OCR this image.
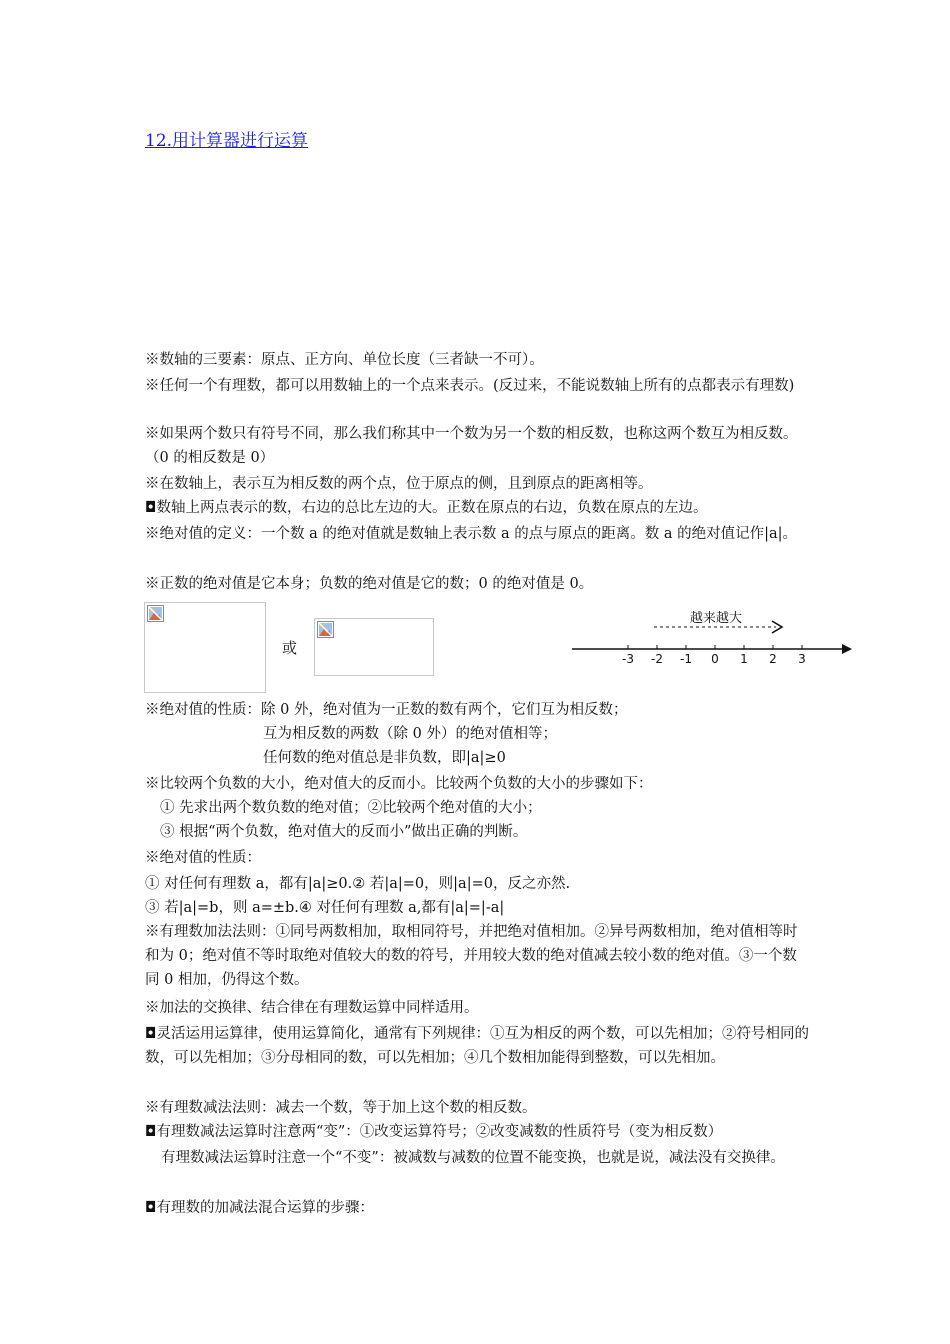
12.用计算器进行运算
※数轴的三要素：原点、正方向、单位长度（三者缺一不可）。
※任何一个有理数，都可以用数轴上的一个点来表示。(反过来，不能说数轴上所有的点都表示有理数)
※如果两个数只有符号不同，那么我们称其中一个数为另一个数的相反数，也称这两个数互为相反数。（0 的相反数是 0）
※在数轴上，表示互为相反数的两个点，位于原点的侧，且到原点的距离相等。
◘数轴上两点表示的数，右边的总比左边的大。正数在原点的右边，负数在原点的左边。
※绝对值的定义：一个数 a 的绝对值就是数轴上表示数 a 的点与原点的距离。数 a 的绝对值记作|a|。
※正数的绝对值是它本身；负数的绝对值是它的数；0 的绝对值是 0。
或
越来越大
-3 -2 -1 0 1 2 3
※绝对值的性质：除 0 外，绝对值为一正数的数有两个，它们互为相反数；
互为相反数的两数（除 0 外）的绝对值相等；
任何数的绝对值总是非负数，即|a|≥0
※比较两个负数的大小，绝对值大的反而小。比较两个负数的大小的步骤如下：
① 先求出两个数负数的绝对值；②比较两个绝对值的大小；
③ 根据“两个负数，绝对值大的反而小”做出正确的判断。
※绝对值的性质：
① 对任何有理数 a，都有|a|≥0.② 若|a|=0，则|a|=0，反之亦然.
③ 若|a|=b，则 a=±b.④ 对任何有理数 a,都有|a|=|-a|
※有理数加法法则：①同号两数相加，取相同符号，并把绝对值相加。②异号两数相加，绝对值相等时和为 0；绝对值不等时取绝对值较大的数的符号，并用较大数的绝对值减去较小数的绝对值。③一个数同 0 相加，仍得这个数。
※加法的交换律、结合律在有理数运算中同样适用。
◘灵活运用运算律，使用运算简化，通常有下列规律：①互为相反的两个数，可以先相加；②符号相同的数，可以先相加；③分母相同的数，可以先相加；④几个数相加能得到整数，可以先相加。
※有理数减法法则：减去一个数，等于加上这个数的相反数。
◘有理数减法运算时注意两“变”：①改变运算符号；②改变减数的性质符号（变为相反数）
有理数减法运算时注意一个“不变”：被减数与减数的位置不能变换，也就是说，减法没有交换律。
◘有理数的加减法混合运算的步骤：
